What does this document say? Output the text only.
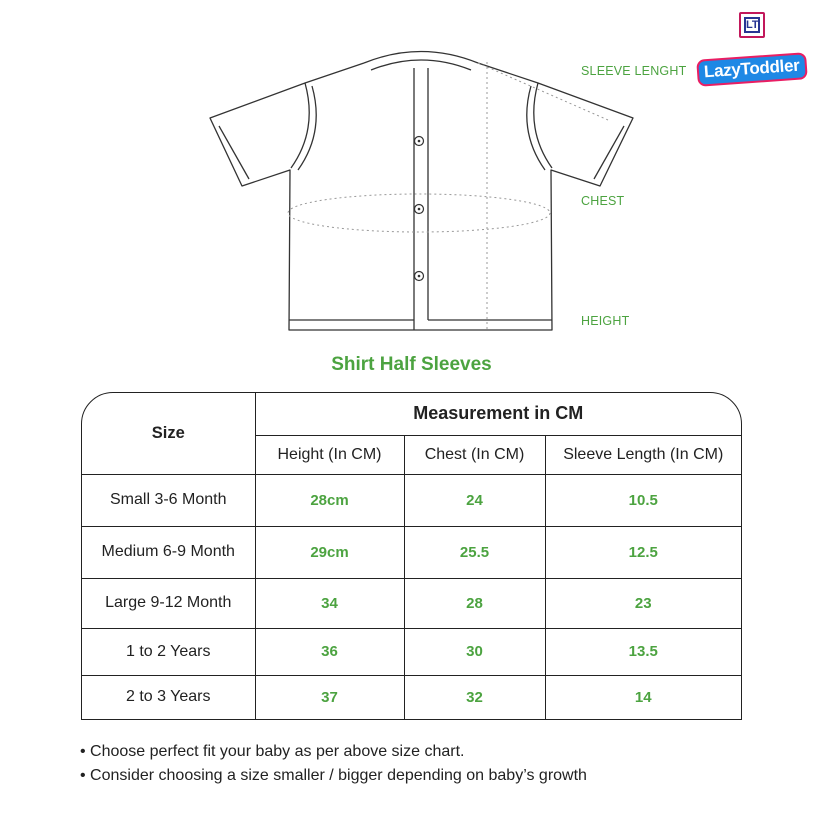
SLEEVE LENGHT
CHEST
HEIGHT
LT
LazyToddler
Shirt Half Sleeves
Size	Measurement in CM		
	Height (In CM)	Chest (In CM)	Sleeve Length (In CM)
Small 3-6 Month	28cm	24	10.5
Medium 6-9 Month	29cm	25.5	12.5
Large 9-12 Month	34	28	23
1 to 2 Years	36	30	13.5
2 to 3 Years	37	32	14
• Choose perfect fit your baby as per above size chart.
• Consider choosing a size smaller / bigger depending on baby’s growth
